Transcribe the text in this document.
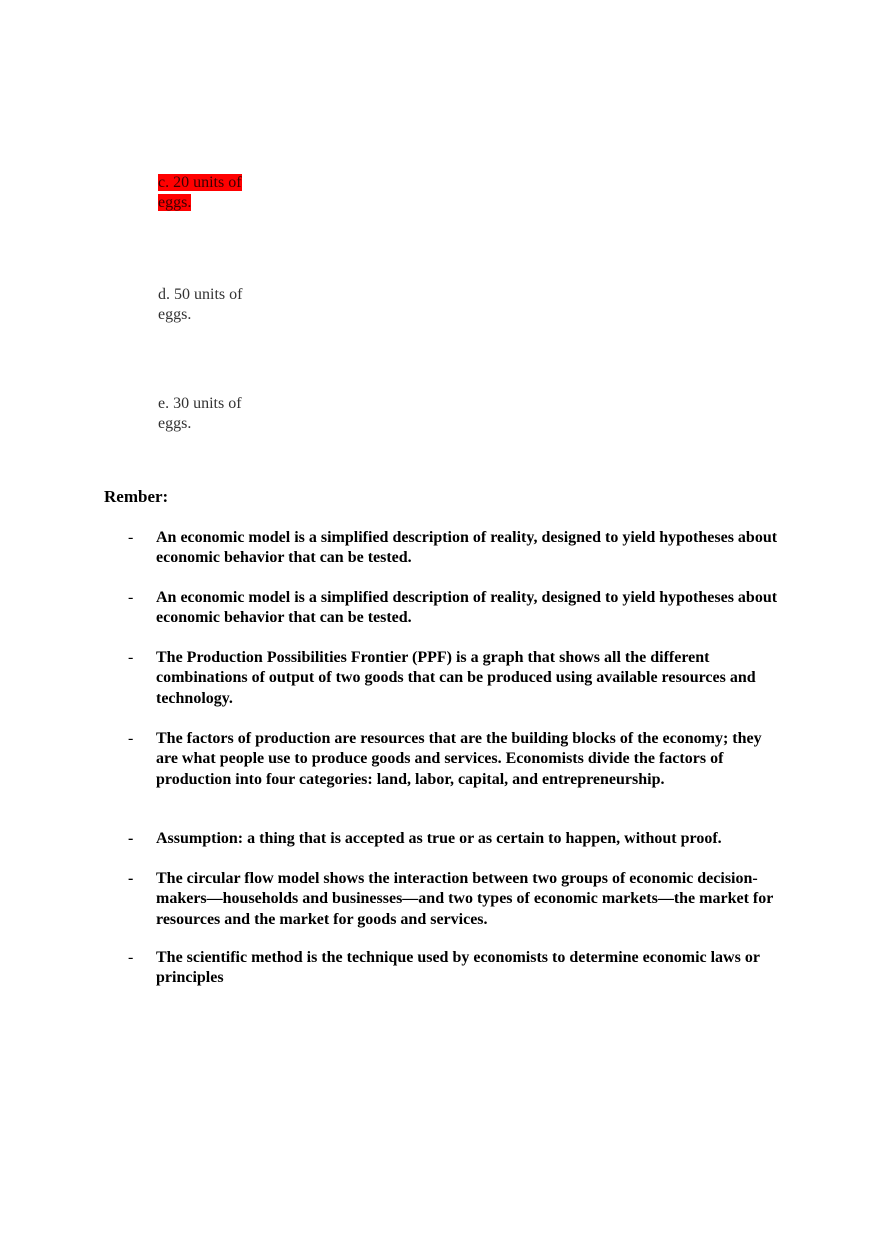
c. 20 units of eggs.
d. 50 units of eggs.
e. 30 units of eggs.
Rember:
- An economic model is a simplified description of reality, designed to yield hypotheses about economic behavior that can be tested.
- An economic model is a simplified description of reality, designed to yield hypotheses about economic behavior that can be tested.
- The Production Possibilities Frontier (PPF) is a graph that shows all the different combinations of output of two goods that can be produced using available resources and technology.
- The factors of production are resources that are the building blocks of the economy; they are what people use to produce goods and services. Economists divide the factors of production into four categories: land, labor, capital, and entrepreneurship.
- Assumption: a thing that is accepted as true or as certain to happen, without proof.
- The circular flow model shows the interaction between two groups of economic decision-makers—households and businesses—and two types of economic markets—the market for resources and the market for goods and services.
- The scientific method is the technique used by economists to determine economic laws or principles
